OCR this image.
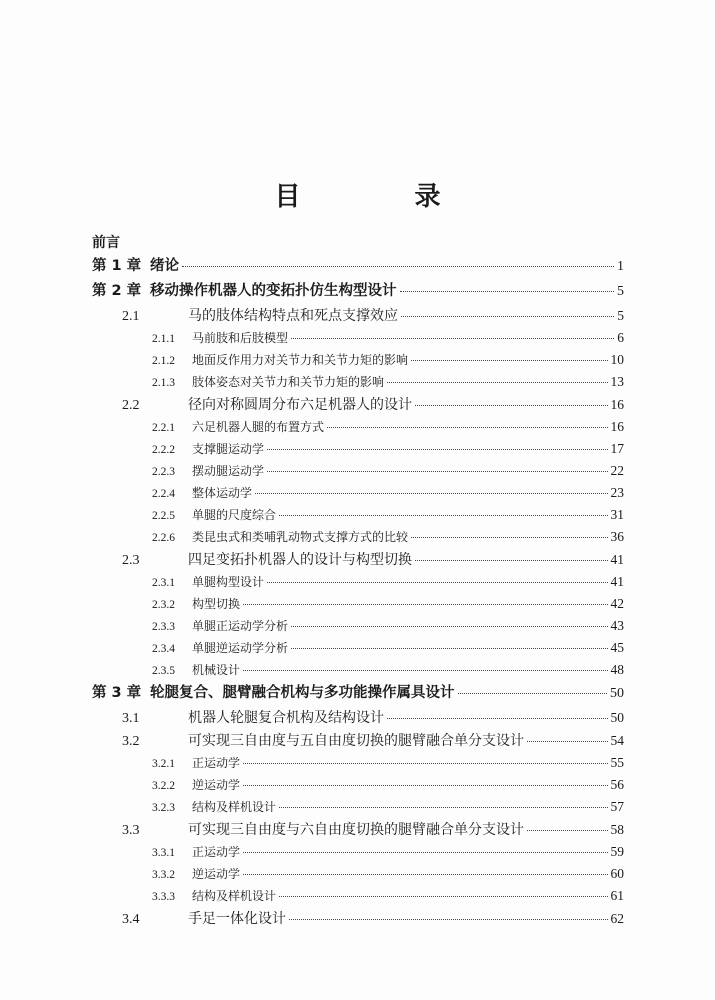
目　录
前言
第 1 章 绪论	1
第 2 章 移动操作机器人的变拓扑仿生构型设计	5
2.1	马的肢体结构特点和死点支撑效应	5
2.1.1	马前肢和后肢模型	6
2.1.2	地面反作用力对关节力和关节力矩的影响	10
2.1.3	肢体姿态对关节力和关节力矩的影响	13
2.2	径向对称圆周分布六足机器人的设计	16
2.2.1	六足机器人腿的布置方式	16
2.2.2	支撑腿运动学	17
2.2.3	摆动腿运动学	22
2.2.4	整体运动学	23
2.2.5	单腿的尺度综合	31
2.2.6	类昆虫式和类哺乳动物式支撑方式的比较	36
2.3	四足变拓扑机器人的设计与构型切换	41
2.3.1	单腿构型设计	41
2.3.2	构型切换	42
2.3.3	单腿正运动学分析	43
2.3.4	单腿逆运动学分析	45
2.3.5	机械设计	48
第 3 章 轮腿复合、腿臂融合机构与多功能操作属具设计	50
3.1	机器人轮腿复合机构及结构设计	50
3.2	可实现三自由度与五自由度切换的腿臂融合单分支设计	54
3.2.1	正运动学	55
3.2.2	逆运动学	56
3.2.3	结构及样机设计	57
3.3	可实现三自由度与六自由度切换的腿臂融合单分支设计	58
3.3.1	正运动学	59
3.3.2	逆运动学	60
3.3.3	结构及样机设计	61
3.4	手足一体化设计	62
